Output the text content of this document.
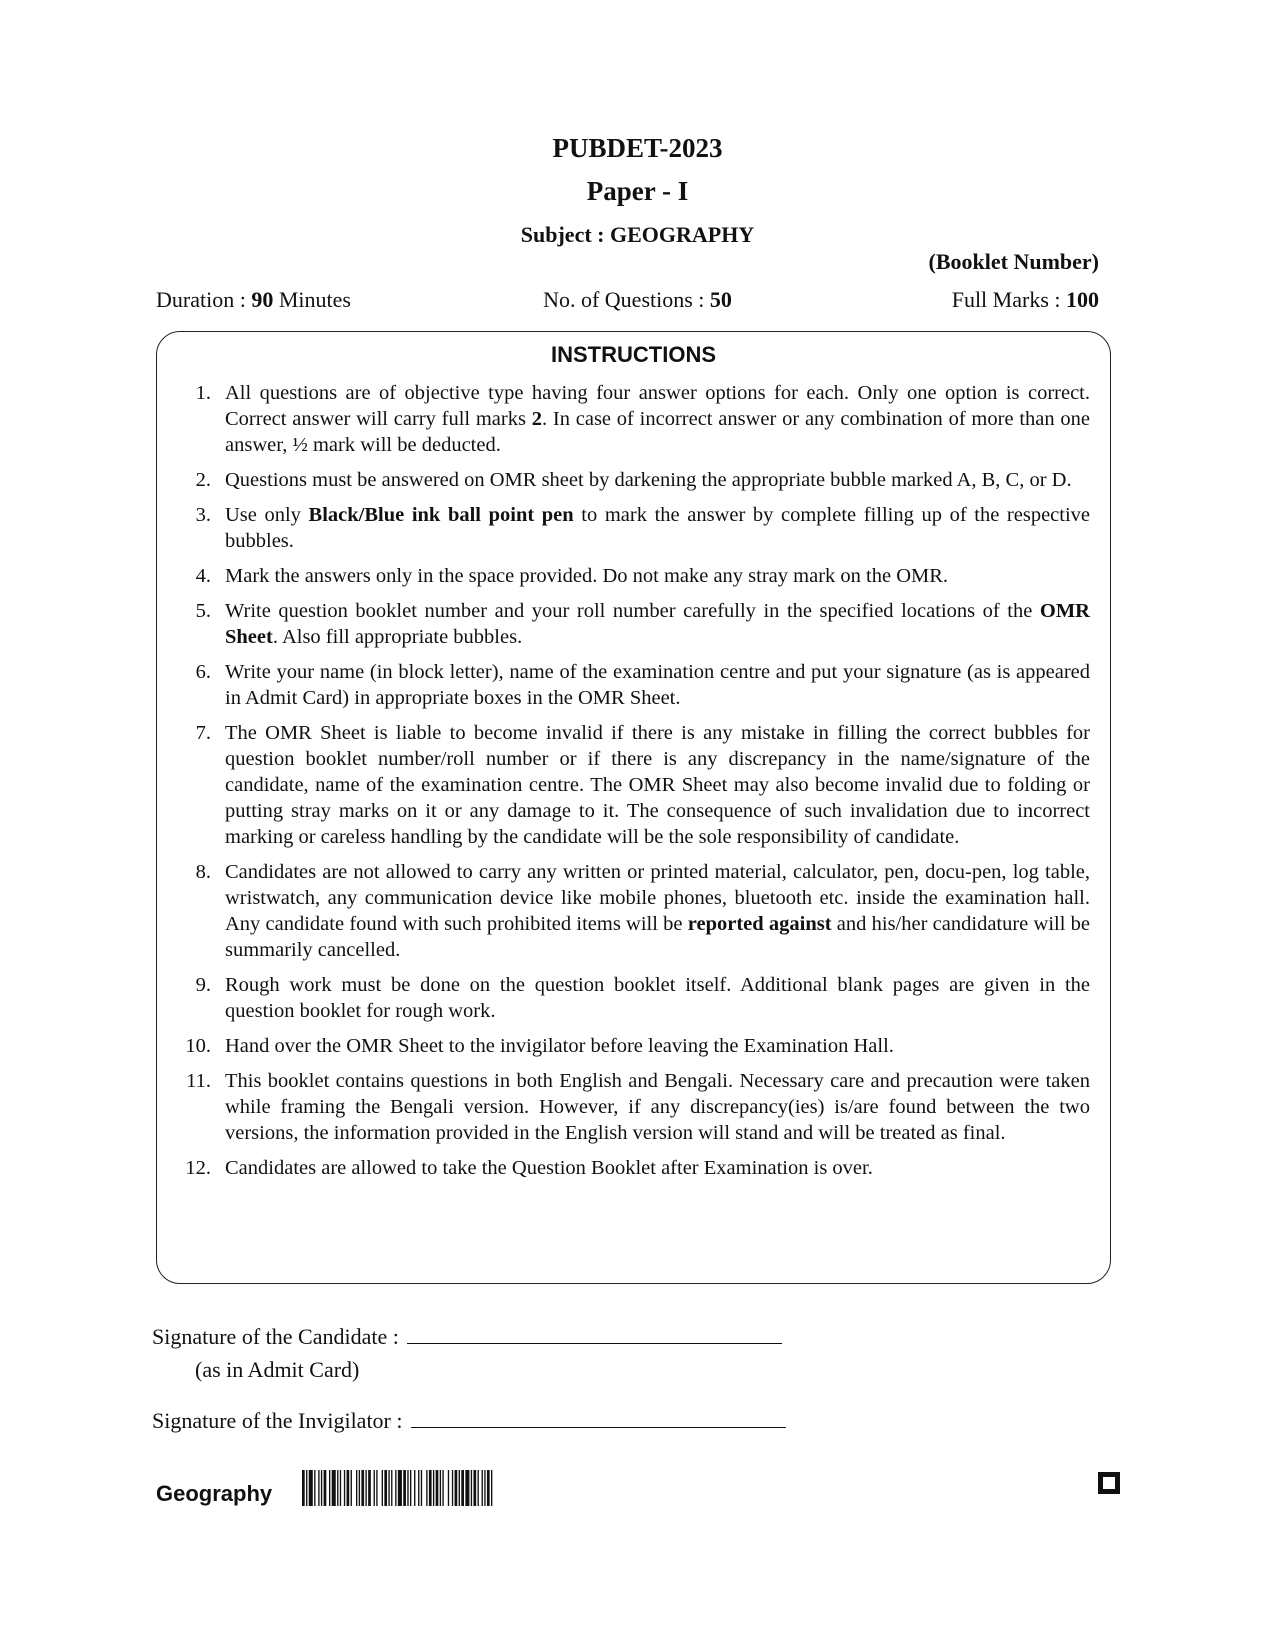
PUBDET-2023
Paper - I
Subject : GEOGRAPHY
(Booklet Number)
Duration : 90 Minutes	No. of Questions : 50	Full Marks : 100
INSTRUCTIONS
1. All questions are of objective type having four answer options for each. Only one option is correct. Correct answer will carry full marks 2. In case of incorrect answer or any combination of more than one answer, ½ mark will be deducted.
2. Questions must be answered on OMR sheet by darkening the appropriate bubble marked A, B, C, or D.
3. Use only Black/Blue ink ball point pen to mark the answer by complete filling up of the respective bubbles.
4. Mark the answers only in the space provided. Do not make any stray mark on the OMR.
5. Write question booklet number and your roll number carefully in the specified locations of the OMR Sheet. Also fill appropriate bubbles.
6. Write your name (in block letter), name of the examination centre and put your signature (as is appeared in Admit Card) in appropriate boxes in the OMR Sheet.
7. The OMR Sheet is liable to become invalid if there is any mistake in filling the correct bubbles for question booklet number/roll number or if there is any discrepancy in the name/signature of the candidate, name of the examination centre. The OMR Sheet may also become invalid due to folding or putting stray marks on it or any damage to it. The consequence of such invalidation due to incorrect marking or careless handling by the candidate will be the sole responsibility of candidate.
8. Candidates are not allowed to carry any written or printed material, calculator, pen, docu-pen, log table, wristwatch, any communication device like mobile phones, bluetooth etc. inside the examination hall. Any candidate found with such prohibited items will be reported against and his/her candidature will be summarily cancelled.
9. Rough work must be done on the question booklet itself. Additional blank pages are given in the question booklet for rough work.
10. Hand over the OMR Sheet to the invigilator before leaving the Examination Hall.
11. This booklet contains questions in both English and Bengali. Necessary care and precaution were taken while framing the Bengali version. However, if any discrepancy(ies) is/are found between the two versions, the information provided in the English version will stand and will be treated as final.
12. Candidates are allowed to take the Question Booklet after Examination is over.
Signature of the Candidate :
(as in Admit Card)
Signature of the Invigilator :
Geography
